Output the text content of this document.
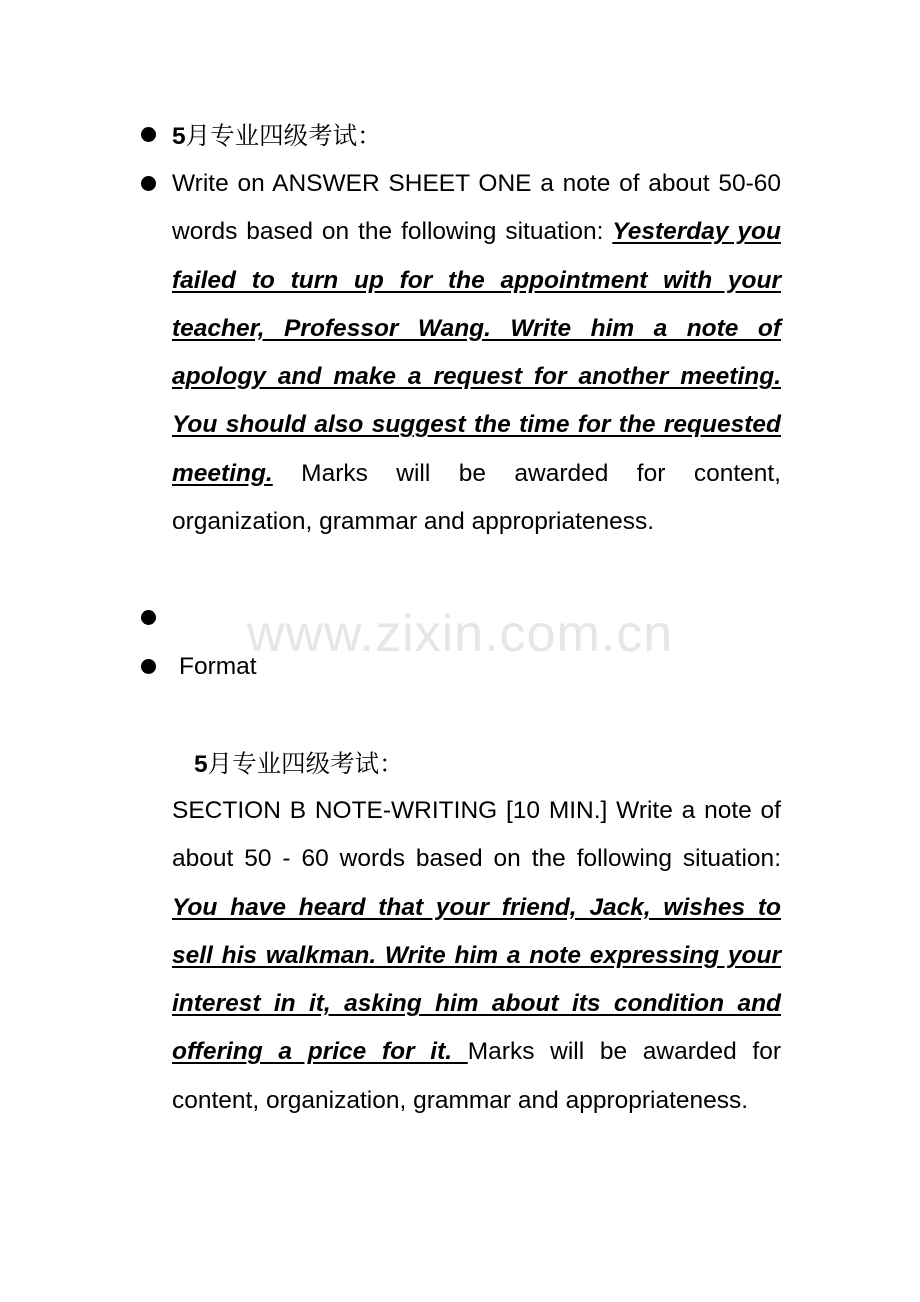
www.zixin.com.cn
5月专业四级考试：
Write on ANSWER SHEET ONE a note of about 50-60 words based on the following situation: Yesterday you failed to turn up for the appointment with your teacher, Professor Wang. Write him a note of apology and make a request for another meeting. You should also suggest the time for the requested meeting. Marks will be awarded for content, organization, grammar and appropriateness.
Format
5月专业四级考试：
SECTION B NOTE-WRITING [10 MIN.] Write a note of about 50 - 60 words based on the following situation: You have heard that your friend, Jack, wishes to sell his walkman. Write him a note expressing your interest in it, asking him about its condition and offering a price for it. Marks will be awarded for content, organization, grammar and appropriateness.
